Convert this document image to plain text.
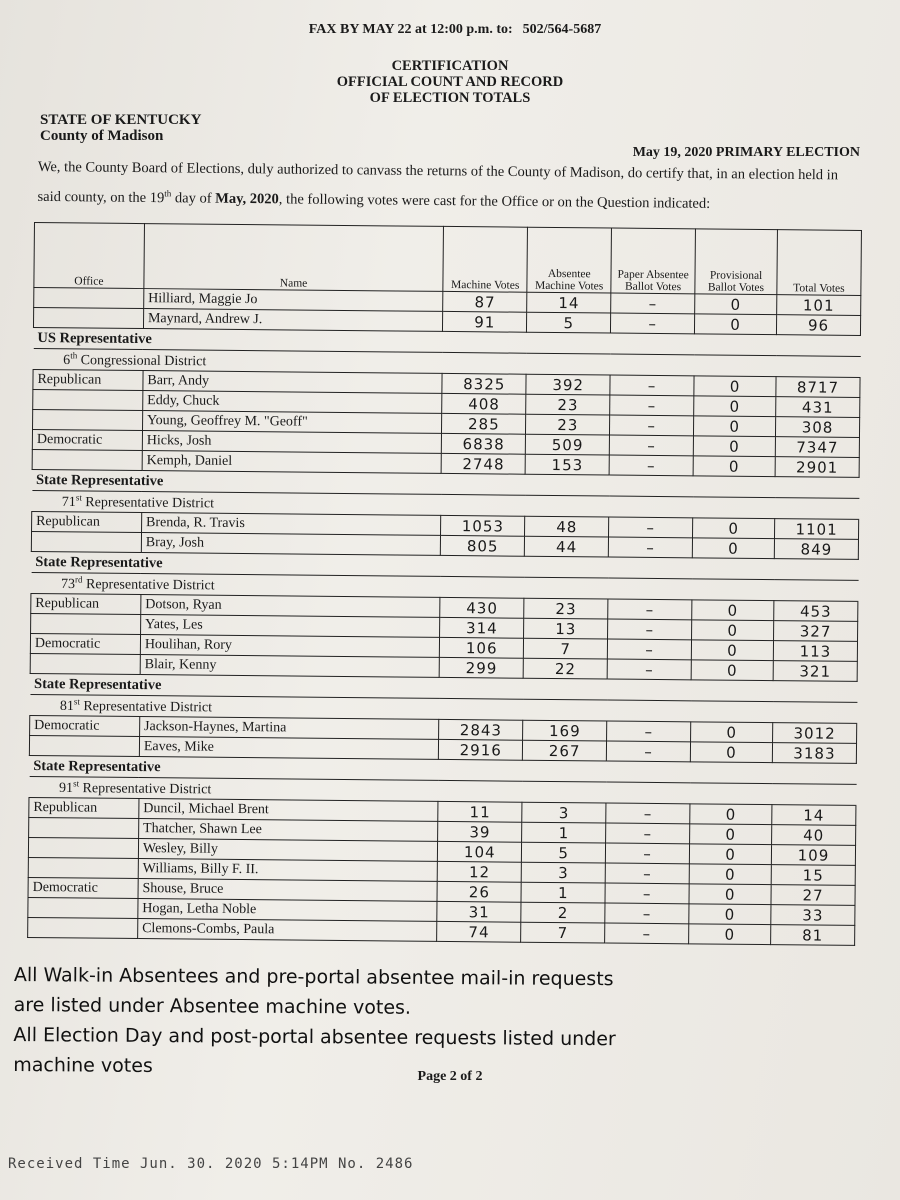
FAX BY MAY 22 at 12:00 p.m. to: 502/564-5687
CERTIFICATION
OFFICIAL COUNT AND RECORD
OF ELECTION TOTALS
STATE OF KENTUCKY
County of Madison
May 19, 2020 PRIMARY ELECTION
We, the County Board of Elections, duly authorized to canvass the returns of the County of Madison, do certify that, in an election held in said county, on the 19th day of May, 2020, the following votes were cast for the Office or on the Question indicated:
Office	Name	Machine Votes	Absentee Machine Votes	Paper Absentee Ballot Votes	Provisional Ballot Votes	Total Votes
	Hilliard, Maggie Jo	87	14	–	0	101
	Maynard, Andrew J.	91	5	–	0	96
US Representative						
6th Congressional District						
Republican	Barr, Andy	8325	392	–	0	8717
	Eddy, Chuck	408	23	–	0	431
	Young, Geoffrey M. "Geoff"	285	23	–	0	308
Democratic	Hicks, Josh	6838	509	–	0	7347
	Kemph, Daniel	2748	153	–	0	2901
State Representative						
71st Representative District						
Republican	Brenda, R. Travis	1053	48	–	0	1101
	Bray, Josh	805	44	–	0	849
State Representative						
73rd Representative District						
Republican	Dotson, Ryan	430	23	–	0	453
	Yates, Les	314	13	–	0	327
Democratic	Houlihan, Rory	106	7	–	0	113
	Blair, Kenny	299	22	–	0	321
State Representative						
81st Representative District						
Democratic	Jackson-Haynes, Martina	2843	169	–	0	3012
	Eaves, Mike	2916	267	–	0	3183
State Representative						
91st Representative District						
Republican	Duncil, Michael Brent	11	3	–	0	14
	Thatcher, Shawn Lee	39	1	–	0	40
	Wesley, Billy	104	5	–	0	109
	Williams, Billy F. II.	12	3	–	0	15
Democratic	Shouse, Bruce	26	1	–	0	27
	Hogan, Letha Noble	31	2	–	0	33
	Clemons-Combs, Paula	74	7	–	0	81
All Walk-in Absentees and pre-portal absentee mail-in requests
are listed under Absentee machine votes.
All Election Day and post-portal absentee requests listed under
machine votes	Page 2 of 2
Received Time Jun. 30. 2020 5:14PM No. 2486
